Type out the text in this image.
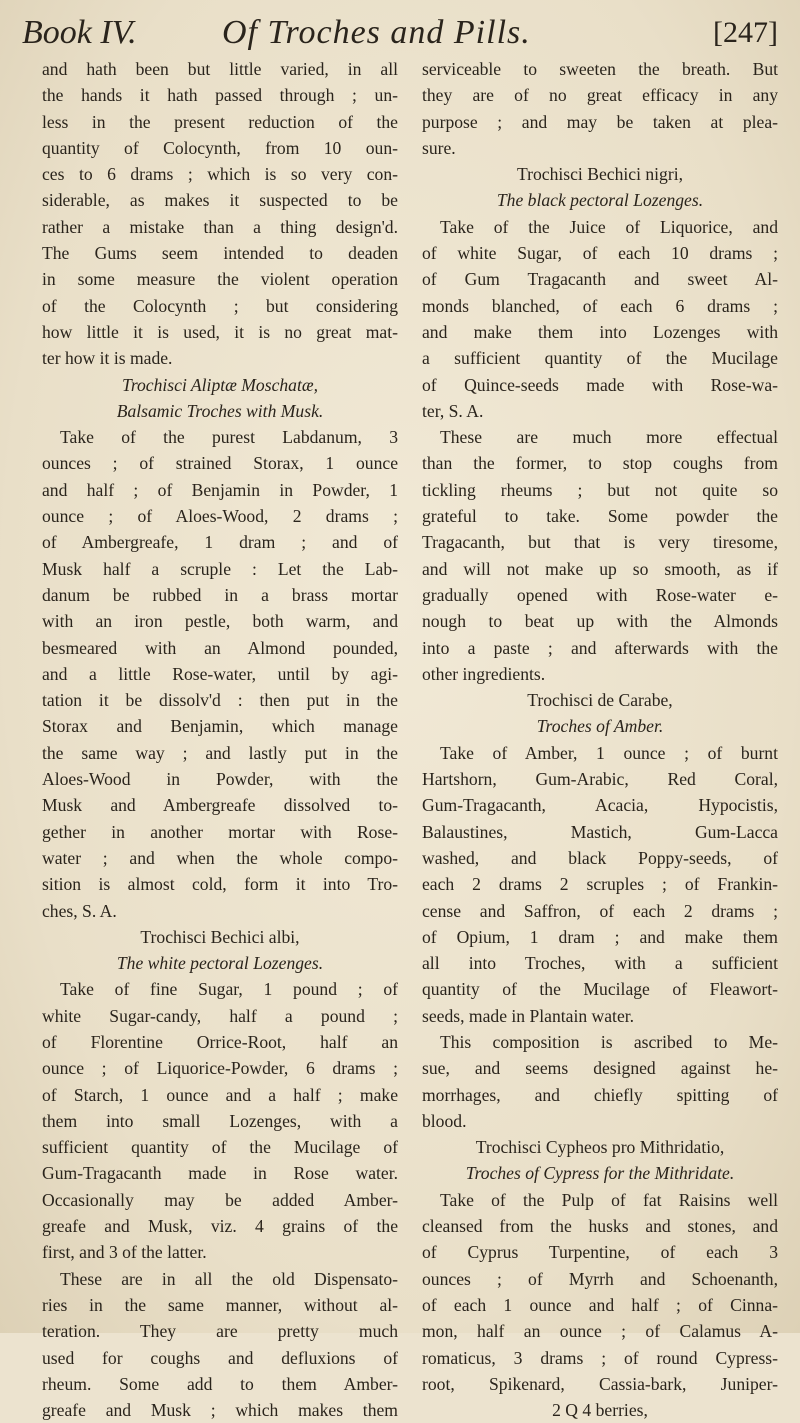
Book IV.	Of Troches and Pills.	[247]
and hath been but little varied, in all
the hands it hath passed through ; un-
less in the present reduction of the
quantity of Colocynth, from 10 oun-
ces to 6 drams ; which is so very con-
siderable, as makes it suspected to be
rather a mistake than a thing design'd.
The Gums seem intended to deaden
in some measure the violent operation
of the Colocynth ; but considering
how little it is used, it is no great mat-
ter how it is made.
Trochisci Aliptæ Moschatæ,
Balsamic Troches with Musk.
Take of the purest Labdanum, 3
ounces ; of strained Storax, 1 ounce
and half ; of Benjamin in Powder, 1
ounce ; of Aloes-Wood, 2 drams ;
of Ambergreafe, 1 dram ; and of
Musk half a scruple : Let the Lab-
danum be rubbed in a brass mortar
with an iron pestle, both warm, and
besmeared with an Almond pounded,
and a little Rose-water, until by agi-
tation it be dissolv'd : then put in the
Storax and Benjamin, which manage
the same way ; and lastly put in the
Aloes-Wood in Powder, with the
Musk and Ambergreafe dissolved to-
gether in another mortar with Rose-
water ; and when the whole compo-
sition is almost cold, form it into Tro-
ches, S. A.
Trochisci Bechici albi,
The white pectoral Lozenges.
Take of fine Sugar, 1 pound ; of
white Sugar-candy, half a pound ;
of Florentine Orrice-Root, half an
ounce ; of Liquorice-Powder, 6 drams ;
of Starch, 1 ounce and a half ; make
them into small Lozenges, with a
sufficient quantity of the Mucilage of
Gum-Tragacanth made in Rose water.
Occasionally may be added Amber-
greafe and Musk, viz. 4 grains of the
first, and 3 of the latter.
These are in all the old Dispensato-
ries in the same manner, without al-
teration. They are pretty much
used for coughs and defluxions of
rheum. Some add to them Amber-
greafe and Musk ; which makes them
serviceable to sweeten the breath. But
they are of no great efficacy in any
purpose ; and may be taken at plea-
sure.
Trochisci Bechici nigri,
The black pectoral Lozenges.
Take of the Juice of Liquorice, and
of white Sugar, of each 10 drams ;
of Gum Tragacanth and sweet Al-
monds blanched, of each 6 drams ;
and make them into Lozenges with
a sufficient quantity of the Mucilage
of Quince-seeds made with Rose-wa-
ter, S. A.
These are much more effectual
than the former, to stop coughs from
tickling rheums ; but not quite so
grateful to take. Some powder the
Tragacanth, but that is very tiresome,
and will not make up so smooth, as if
gradually opened with Rose-water e-
nough to beat up with the Almonds
into a paste ; and afterwards with the
other ingredients.
Trochisci de Carabe,
Troches of Amber.
Take of Amber, 1 ounce ; of burnt
Hartshorn, Gum-Arabic, Red Coral,
Gum-Tragacanth, Acacia, Hypocistis,
Balaustines, Mastich, Gum-Lacca
washed, and black Poppy-seeds, of
each 2 drams 2 scruples ; of Frankin-
cense and Saffron, of each 2 drams ;
of Opium, 1 dram ; and make them
all into Troches, with a sufficient
quantity of the Mucilage of Fleawort-
seeds, made in Plantain water.
This composition is ascribed to Me-
sue, and seems designed against he-
morrhages, and chiefly spitting of
blood.
Trochisci Cypheos pro Mithridatio,
Troches of Cypress for the Mithridate.
Take of the Pulp of fat Raisins well
cleansed from the husks and stones, and
of Cyprus Turpentine, of each 3
ounces ; of Myrrh and Schoenanth,
of each 1 ounce and half ; of Cinna-
mon, half an ounce ; of Calamus A-
romaticus, 3 drams ; of round Cypress-
root, Spikenard, Cassia-bark, Juniper-
2 Q 4 berries,
